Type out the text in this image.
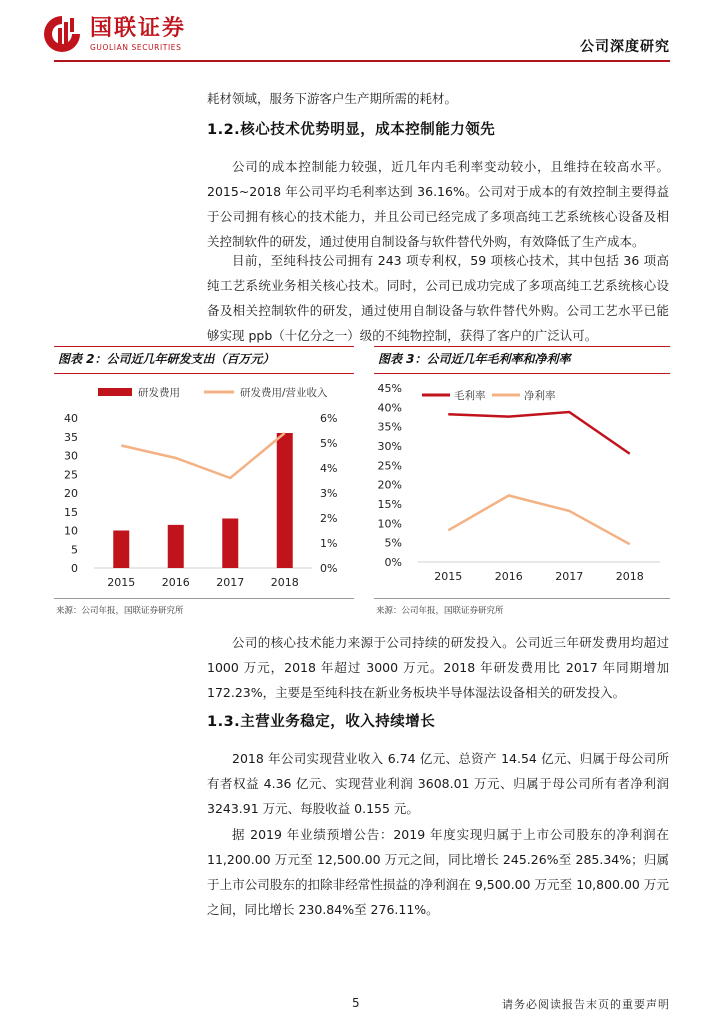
国联证券
GUOLIAN SECURITIES	公司深度研究

耗材领域，服务下游客户生产期所需的耗材。

1.2.核心技术优势明显，成本控制能力领先

公司的成本控制能力较强，近几年内毛利率变动较小，且维持在较高水平。2015~2018 年公司平均毛利率达到 36.16%。公司对于成本的有效控制主要得益于公司拥有核心的技术能力，并且公司已经完成了多项高纯工艺系统核心设备及相关控制软件的研发，通过使用自制设备与软件替代外购，有效降低了生产成本。

目前，至纯科技公司拥有 243 项专利权，59 项核心技术，其中包括 36 项高纯工艺系统业务相关核心技术。同时，公司已成功完成了多项高纯工艺系统核心设备及相关控制软件的研发，通过使用自制设备与软件替代外购。公司工艺水平已能够实现 ppb（十亿分之一）级的不纯物控制，获得了客户的广泛认可。

图表 2：公司近几年研发支出（百万元）
研发费用	研发费用/营业收入
40
35
30
25
20
15
10
5
0
6%
5%
4%
3%
2%
1%
0%
2015 2016 2017 2018
来源：公司年报，国联证券研究所
图表 3：公司近几年毛利率和净利率
45%
40%
35%
30%
25%
20%
15%
10%
5%
0%
毛利率	净利率
2015	2016	2017	2018
来源：公司年报，国联证券研究所

公司的核心技术能力来源于公司持续的研发投入。公司近三年研发费用均超过 1000 万元，2018 年超过 3000 万元。2018 年研发费用比 2017 年同期增加 172.23%，主要是至纯科技在新业务板块半导体湿法设备相关的研发投入。

1.3.主营业务稳定，收入持续增长

2018 年公司实现营业收入 6.74 亿元、总资产 14.54 亿元、归属于母公司所有者权益 4.36 亿元、实现营业利润 3608.01 万元、归属于母公司所有者净利润 3243.91 万元、每股收益 0.155 元。

据 2019 年业绩预增公告：2019 年度实现归属于上市公司股东的净利润在 11,200.00 万元至 12,500.00 万元之间，同比增长 245.26%至 285.34%；归属于上市公司股东的扣除非经常性损益的净利润在 9,500.00 万元至 10,800.00 万元之间，同比增长 230.84%至 276.11%。

5	请务必阅读报告末页的重要声明
